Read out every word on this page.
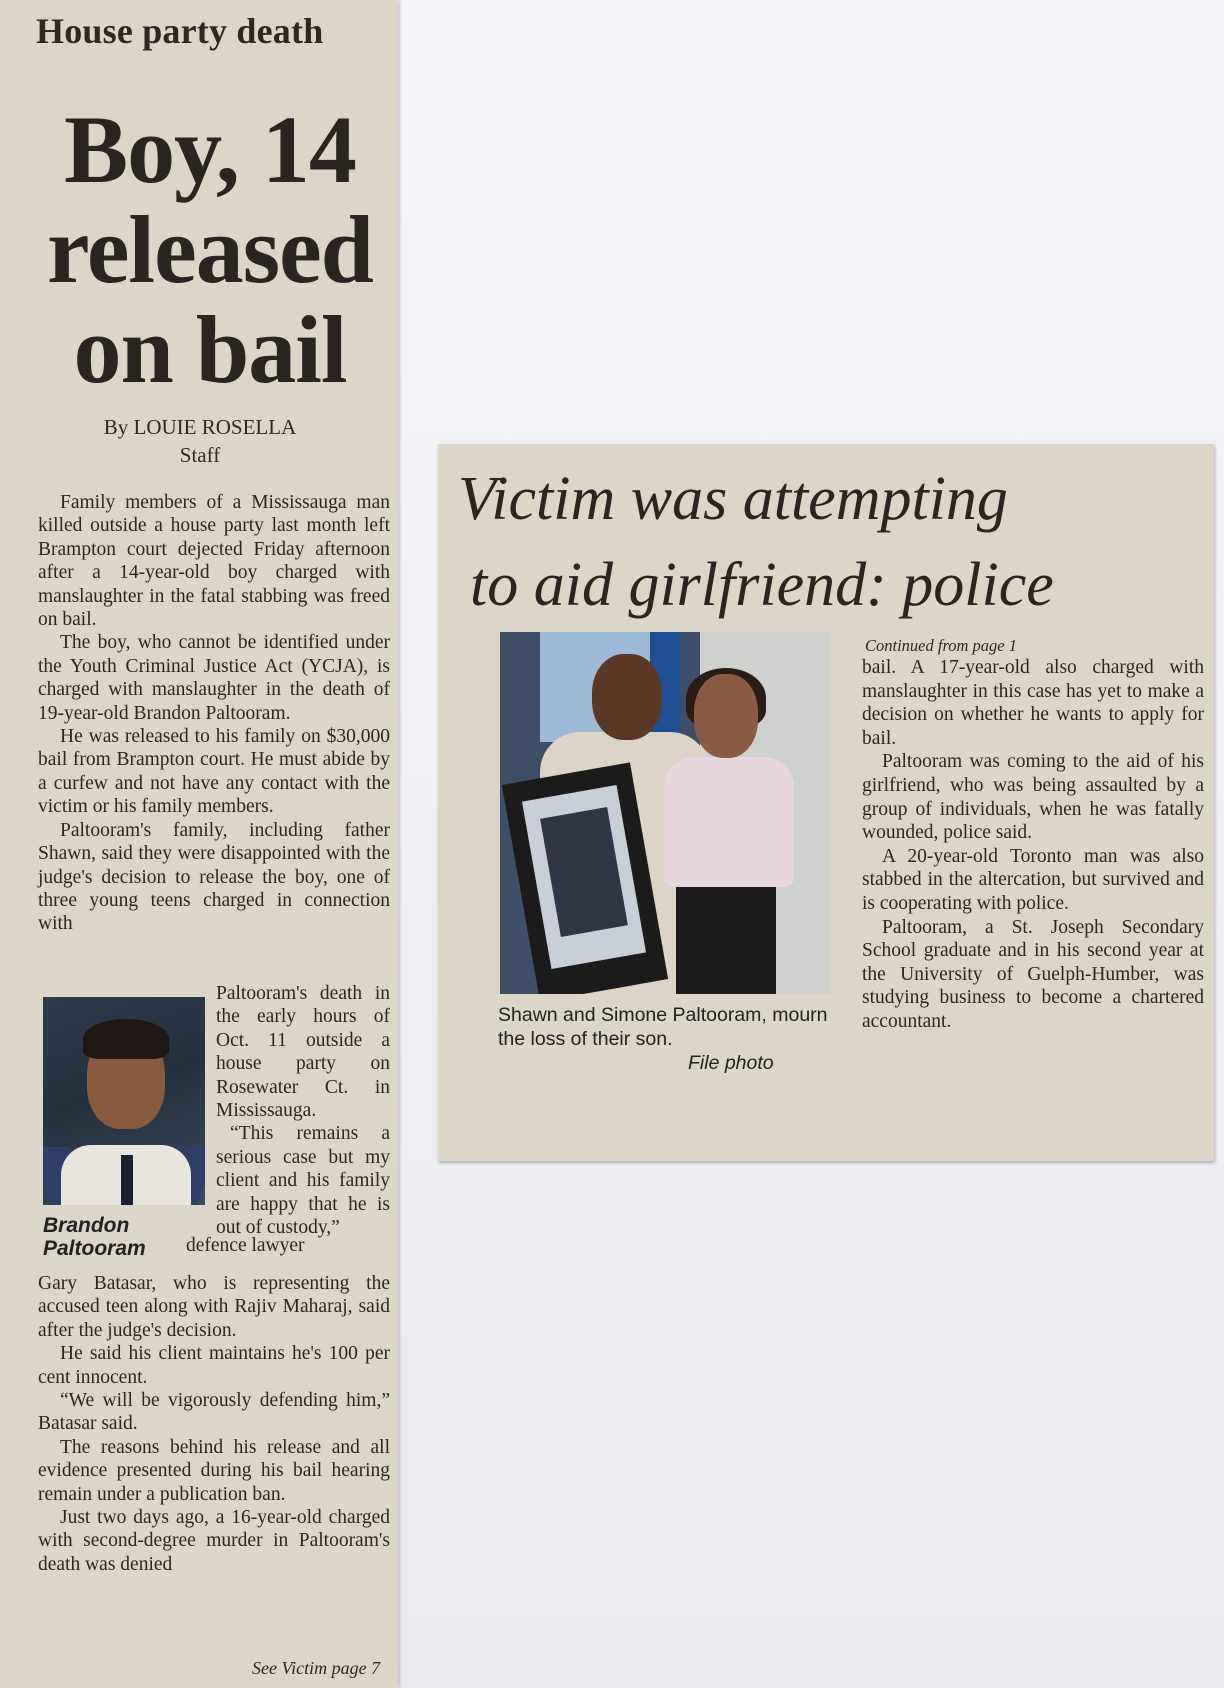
House party death
Boy, 14 released on bail
By LOUIE ROSELLA
Staff

Family members of a Mississauga man killed outside a house party last month left Brampton court dejected Friday afternoon after a 14-year-old boy charged with manslaughter in the fatal stabbing was freed on bail.

The boy, who cannot be identified under the Youth Criminal Justice Act (YCJA), is charged with manslaughter in the death of 19-year-old Brandon Paltooram.

He was released to his family on $30,000 bail from Brampton court. He must abide by a curfew and not have any contact with the victim or his family members.

Paltooram's family, including father Shawn, said they were disappointed with the judge's decision to release the boy, one of three young teens charged in connection with

Brandon Paltooram

Paltooram's death in the early hours of Oct. 11 outside a house party on Rosewater Ct. in Mississauga.

“This remains a serious case but my client and his family are happy that he is out of custody,”

defence lawyer

Gary Batasar, who is representing the accused teen along with Rajiv Maharaj, said after the judge's decision.

He said his client maintains he's 100 per cent innocent.

“We will be vigorously defending him,” Batasar said.

The reasons behind his release and all evidence presented during his bail hearing remain under a publication ban.

Just two days ago, a 16-year-old charged with second-degree murder in Paltooram's death was denied

See Victim page 7
Victim was attempting
to aid girlfriend: police
Shawn and Simone Paltooram, mourn the loss of their son.
File photo
Continued from page 1

bail. A 17-year-old also charged with manslaughter in this case has yet to make a decision on whether he wants to apply for bail.

Paltooram was coming to the aid of his girlfriend, who was being assaulted by a group of individuals, when he was fatally wounded, police said.

A 20-year-old Toronto man was also stabbed in the altercation, but survived and is cooperating with police.

Paltooram, a St. Joseph Secondary School graduate and in his second year at the University of Guelph-Humber, was studying business to become a chartered accountant.
